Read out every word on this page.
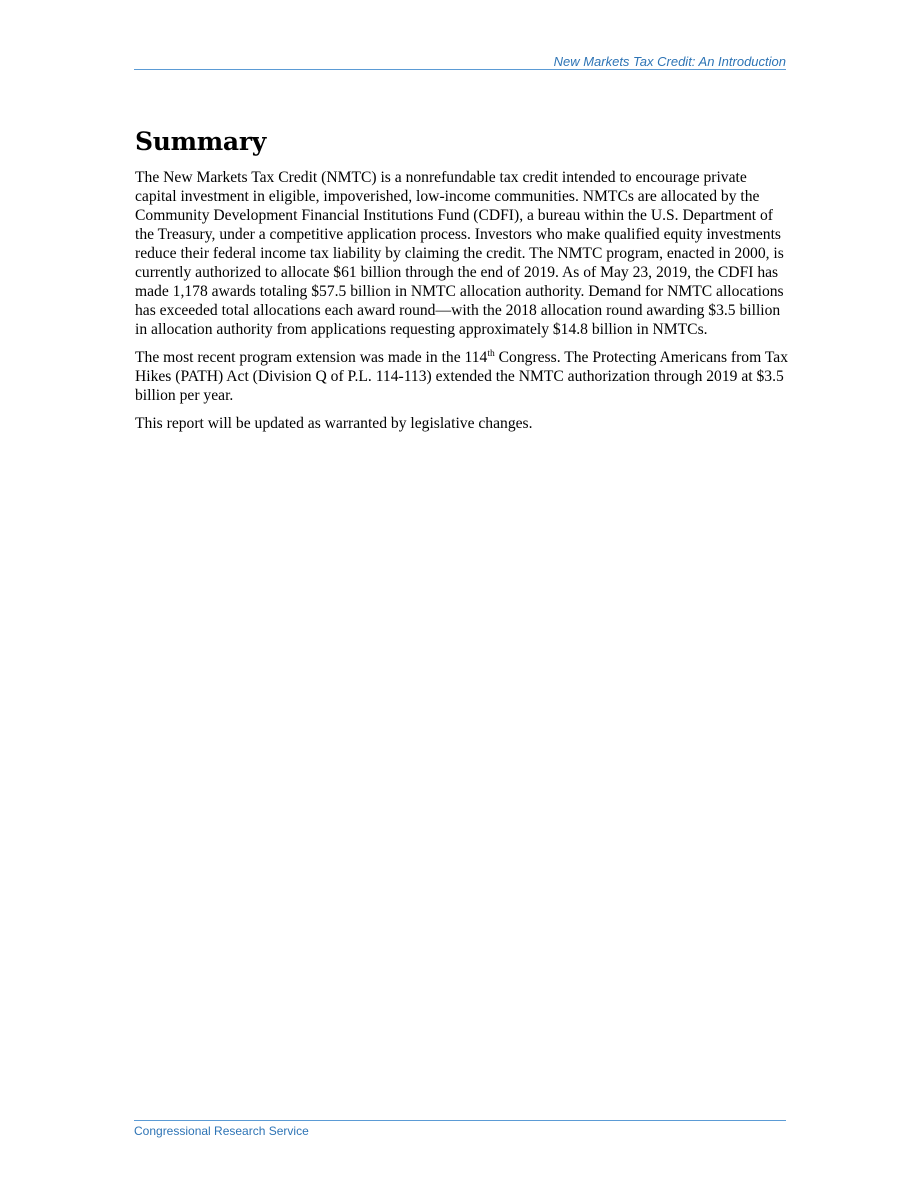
New Markets Tax Credit: An Introduction
Summary

The New Markets Tax Credit (NMTC) is a nonrefundable tax credit intended to encourage private capital investment in eligible, impoverished, low-income communities. NMTCs are allocated by the Community Development Financial Institutions Fund (CDFI), a bureau within the U.S. Department of the Treasury, under a competitive application process. Investors who make qualified equity investments reduce their federal income tax liability by claiming the credit. The NMTC program, enacted in 2000, is currently authorized to allocate $61 billion through the end of 2019. As of May 23, 2019, the CDFI has made 1,178 awards totaling $57.5 billion in NMTC allocation authority. Demand for NMTC allocations has exceeded total allocations each award round—with the 2018 allocation round awarding $3.5 billion in allocation authority from applications requesting approximately $14.8 billion in NMTCs.

The most recent program extension was made in the 114th Congress. The Protecting Americans from Tax Hikes (PATH) Act (Division Q of P.L. 114-113) extended the NMTC authorization through 2019 at $3.5 billion per year.

This report will be updated as warranted by legislative changes.

Congressional Research Service
